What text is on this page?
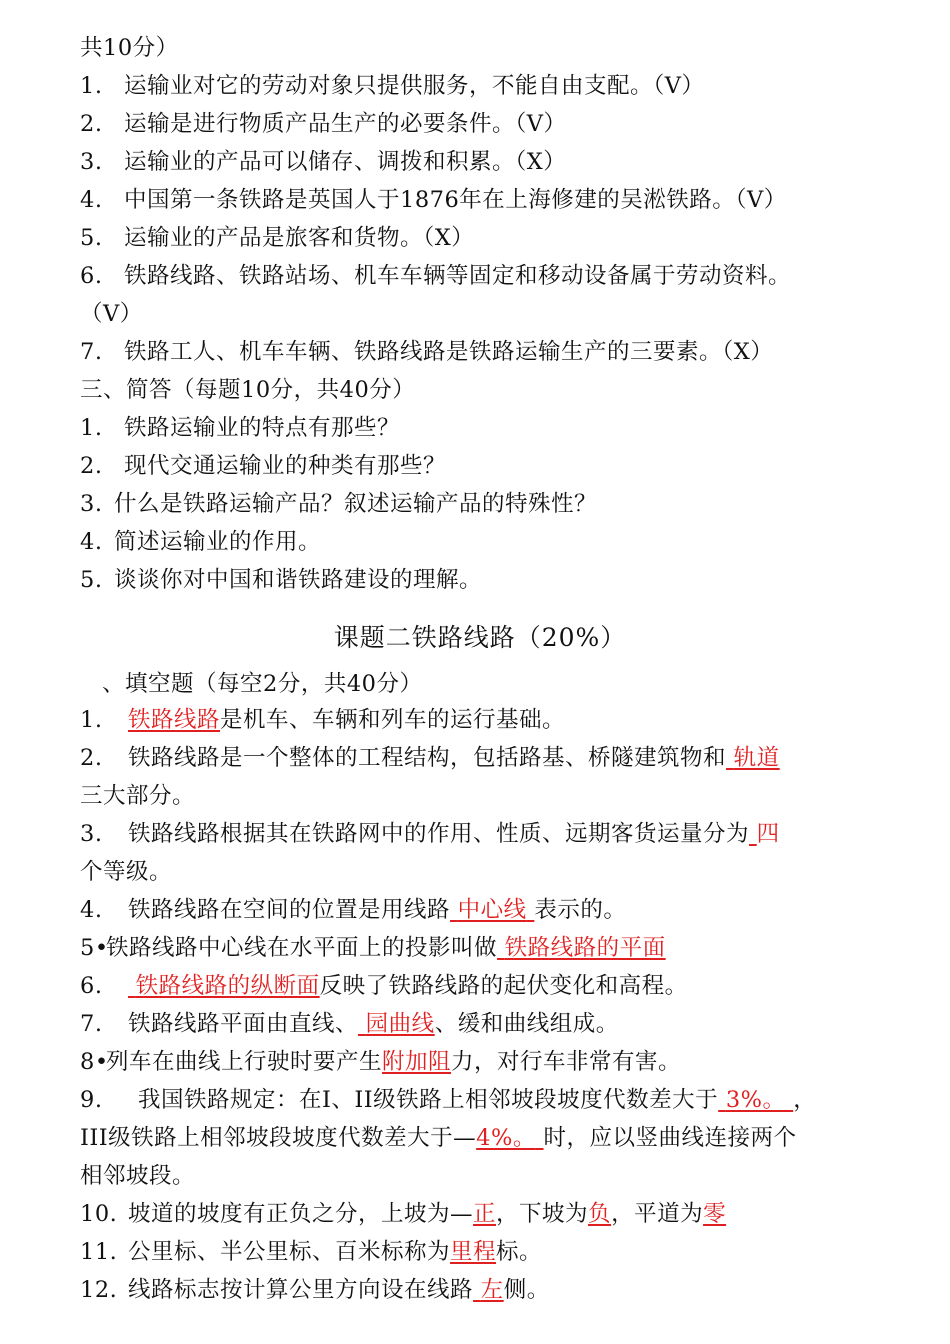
共10分）
1. 运输业对它的劳动对象只提供服务，不能自由支配。（V）
2. 运输是进行物质产品生产的必要条件。（V）
3. 运输业的产品可以储存、调拨和积累。（X）
4. 中国第一条铁路是英国人于1876年在上海修建的吴淞铁路。（V）
5. 运输业的产品是旅客和货物。（X）
6. 铁路线路、铁路站场、机车车辆等固定和移动设备属于劳动资料。
（V）
7. 铁路工人、机车车辆、铁路线路是铁路运输生产的三要素。（X）
三、简答（每题10分，共40分）
1. 铁路运输业的特点有那些？
2. 现代交通运输业的种类有那些？
3. 什么是铁路运输产品？叙述运输产品的特殊性？
4. 简述运输业的作用。
5. 谈谈你对中国和谐铁路建设的理解。
课题二铁路线路（20%）
、填空题（每空2分，共40分）
1. 铁路线路是机车、车辆和列车的运行基础。
2. 铁路线路是一个整体的工程结构，包括路基、桥隧建筑物和 轨道
三大部分。
3. 铁路线路根据其在铁路网中的作用、性质、远期客货运量分为 四
个等级。
4. 铁路线路在空间的位置是用线路 中心线 表示的。
5•铁路线路中心线在水平面上的投影叫做 铁路线路的平面
6. 铁路线路的纵断面反映了铁路线路的起伏变化和高程。
7. 铁路线路平面由直线、 园曲线、缓和曲线组成。
8•列车在曲线上行驶时要产生附加阻力，对行车非常有害。
9. 我国铁路规定：在I、II级铁路上相邻坡段坡度代数差大于 3%。 ，
III级铁路上相邻坡段坡度代数差大于—4%。 时，应以竖曲线连接两个
相邻坡段。
10. 坡道的坡度有正负之分，上坡为—正，下坡为负，平道为零
11. 公里标、半公里标、百米标称为里程标。
12. 线路标志按计算公里方向设在线路 左侧。
